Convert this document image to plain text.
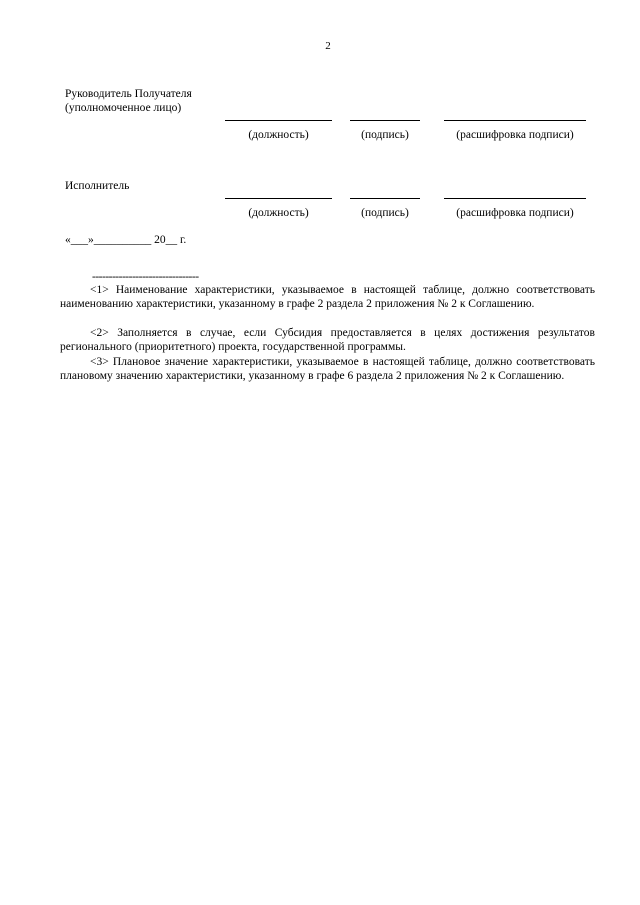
2
Руководитель Получателя
(уполномоченное лицо)
(должность)	(подпись)	(расшифровка подписи)
Исполнитель
(должность)	(подпись)	(расшифровка подписи)
«___»__________ 20__ г.
--------------------------------
<1> Наименование характеристики, указываемое в настоящей таблице, должно соответствовать наименованию характеристики, указанному в графе 2 раздела 2 приложения № 2 к Соглашению.
<2> Заполняется в случае, если Субсидия предоставляется в целях достижения результатов регионального (приоритетного) проекта, государственной программы.
<3> Плановое значение характеристики, указываемое в настоящей таблице, должно соответствовать плановому значению характеристики, указанному в графе 6 раздела 2 приложения № 2 к Соглашению.
